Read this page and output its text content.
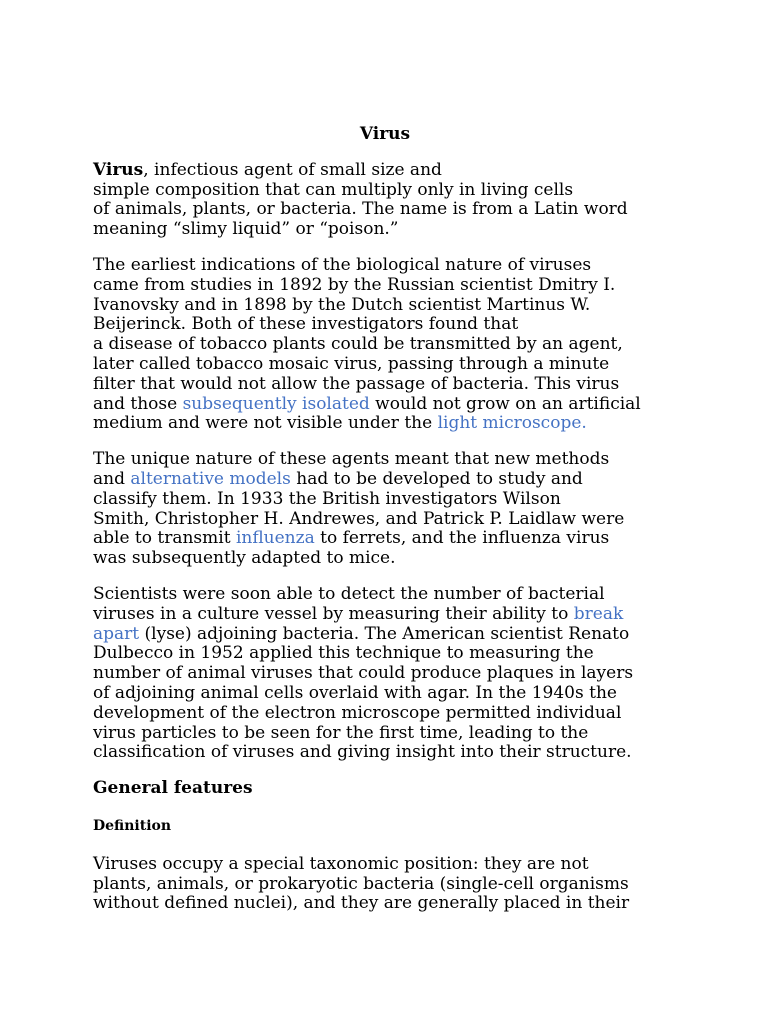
Virus
Virus, infectious agent of small size and
simple composition that can multiply only in living cells
of animals, plants, or bacteria. The name is from a Latin word
meaning “slimy liquid” or “poison.”
The earliest indications of the biological nature of viruses
came from studies in 1892 by the Russian scientist Dmitry I.
Ivanovsky and in 1898 by the Dutch scientist Martinus W.
Beijerinck. Both of these investigators found that
a disease of tobacco plants could be transmitted by an agent,
later called tobacco mosaic virus, passing through a minute
filter that would not allow the passage of bacteria. This virus
and those subsequently isolated would not grow on an artificial
medium and were not visible under the light microscope.
The unique nature of these agents meant that new methods
and alternative models had to be developed to study and
classify them. In 1933 the British investigators Wilson
Smith, Christopher H. Andrewes, and Patrick P. Laidlaw were
able to transmit influenza to ferrets, and the influenza virus
was subsequently adapted to mice.
Scientists were soon able to detect the number of bacterial
viruses in a culture vessel by measuring their ability to break
apart (lyse) adjoining bacteria. The American scientist Renato
Dulbecco in 1952 applied this technique to measuring the
number of animal viruses that could produce plaques in layers
of adjoining animal cells overlaid with agar. In the 1940s the
development of the electron microscope permitted individual
virus particles to be seen for the first time, leading to the
classification of viruses and giving insight into their structure.
General features
Definition
Viruses occupy a special taxonomic position: they are not
plants, animals, or prokaryotic bacteria (single-cell organisms
without defined nuclei), and they are generally placed in their
